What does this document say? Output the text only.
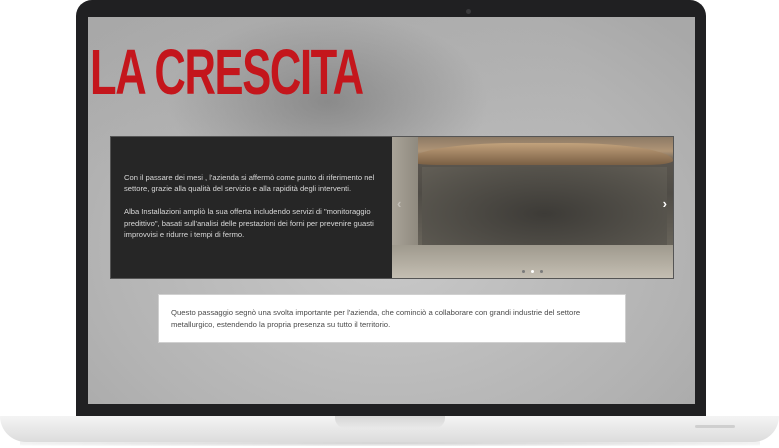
LA CRESCITA

Con il passare dei mesi , l'azienda si affermò come punto di riferimento nel settore, grazie alla qualità del servizio e alla rapidità degli interventi.

Alba Installazioni ampliò la sua offerta includendo servizi di "monitoraggio predittivo", basati sull'analisi delle prestazioni dei forni per prevenire guasti improvvisi e ridurre i tempi di fermo.

‹	›

Questo passaggio segnò una svolta importante per l'azienda, che cominciò a collaborare con grandi industrie del settore metallurgico, estendendo la propria presenza su tutto il territorio.
